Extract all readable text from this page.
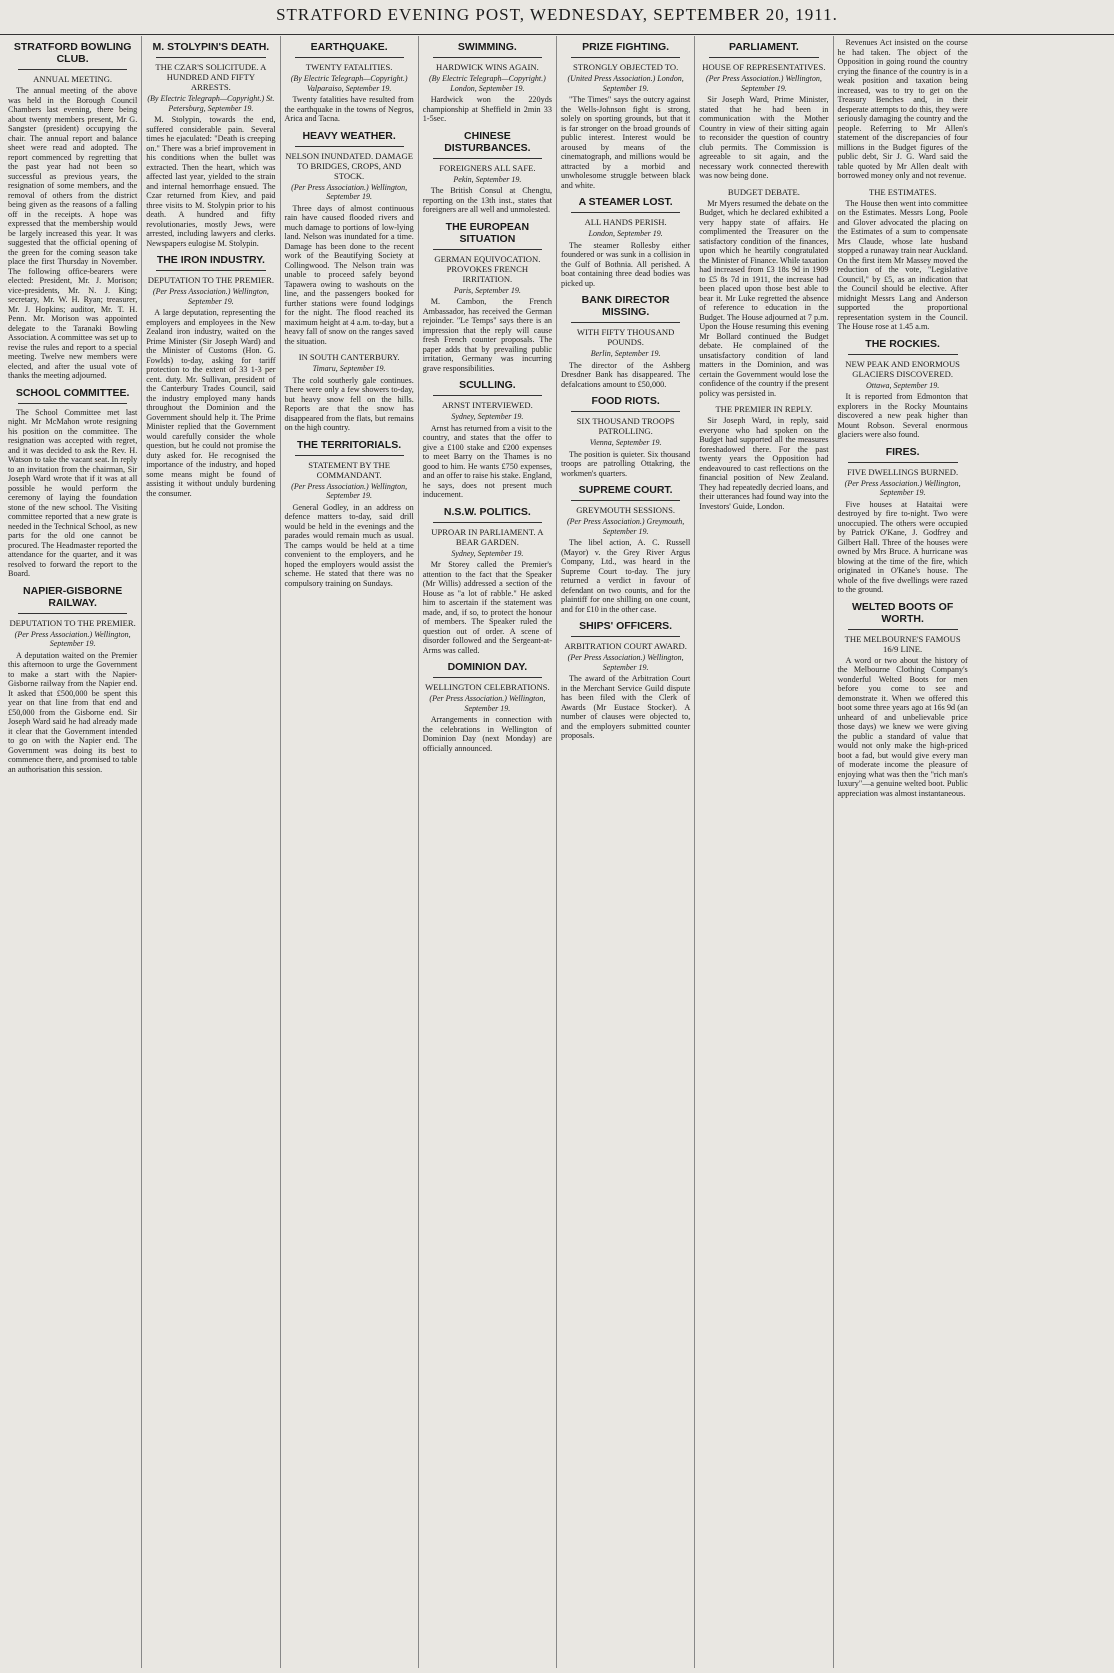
STRATFORD EVENING POST, WEDNESDAY, SEPTEMBER 20, 1911.
STRATFORD BOWLING CLUB.
ANNUAL MEETING.

The annual meeting of the above was held in the Borough Council Chambers last evening, there being about twenty members present, Mr G. Sangster (president) occupying the chair. The annual report and balance sheet were read and adopted. The report commenced by regretting that the past year had not been so successful as previous years, the resignation of some members, and the removal of others from the district being given as the reasons of a falling off in the receipts. A hope was expressed that the membership would be largely increased this year. It was suggested that the official opening of the green for the coming season take place the first Thursday in November. The following office-bearers were elected: President, Mr. J. Morison; vice-presidents, Mr. N. J. King; secretary, Mr. W. H. Ryan; treasurer, Mr. J. Hopkins; auditor, Mr. T. H. Penn. Mr. Morison was appointed delegate to the Taranaki Bowling Association. A committee was set up to revise the rules and report to a special meeting. Twelve new members were elected, and after the usual vote of thanks the meeting adjourned.

SCHOOL COMMITTEE.

The School Committee met last night. Mr McMahon wrote resigning his position on the committee. The resignation was accepted with regret, and it was decided to ask the Rev. H. Watson to take the vacant seat. In reply to an invitation from the chairman, Sir Joseph Ward wrote that if it was at all possible he would perform the ceremony of laying the foundation stone of the new school. The Visiting committee reported that a new grate is needed in the Technical School, as new parts for the old one cannot be procured. The Headmaster reported the attendance for the quarter, and it was resolved to forward the report to the Board.

NAPIER-GISBORNE RAILWAY.
DEPUTATION TO THE PREMIER.
(Per Press Association.) Wellington, September 19.

A deputation waited on the Premier this afternoon to urge the Government to make a start with the Napier-Gisborne railway from the Napier end. It asked that £500,000 be spent this year on that line from that end and £50,000 from the Gisborne end. Sir Joseph Ward said he had already made it clear that the Government intended to go on with the Napier end. The Government was doing its best to commence there, and promised to table an authorisation this session.

M. STOLYPIN'S DEATH.
THE CZAR'S SOLICITUDE. A HUNDRED AND FIFTY ARRESTS.
(By Electric Telegraph—Copyright.) St. Petersburg, September 19.

M. Stolypin, towards the end, suffered considerable pain. Several times he ejaculated: "Death is creeping on." There was a brief improvement in his conditions when the bullet was extracted. Then the heart, which was affected last year, yielded to the strain and internal hemorrhage ensued. The Czar returned from Kiev, and paid three visits to M. Stolypin prior to his death. A hundred and fifty revolutionaries, mostly Jews, were arrested, including lawyers and clerks. Newspapers eulogise M. Stolypin.

THE IRON INDUSTRY.
DEPUTATION TO THE PREMIER.
(Per Press Association.) Wellington, September 19.

A large deputation, representing the employers and employees in the New Zealand iron industry, waited on the Prime Minister (Sir Joseph Ward) and the Minister of Customs (Hon. G. Fowlds) to-day, asking for tariff protection to the extent of 33 1-3 per cent. duty. Mr. Sullivan, president of the Canterbury Trades Council, said the industry employed many hands throughout the Dominion and the Government should help it. The Prime Minister replied that the Government would carefully consider the whole question, but he could not promise the duty asked for. He recognised the importance of the industry, and hoped some means might be found of assisting it without unduly burdening the consumer.

EARTHQUAKE.
TWENTY FATALITIES.
(By Electric Telegraph—Copyright.) Valparaiso, September 19.

Twenty fatalities have resulted from the earthquake in the towns of Negros, Arica and Tacna.

HEAVY WEATHER.
NELSON INUNDATED. DAMAGE TO BRIDGES, CROPS, AND STOCK.
(Per Press Association.) Wellington, September 19.

Three days of almost continuous rain have caused flooded rivers and much damage to portions of low-lying land. Nelson was inundated for a time. Damage has been done to the recent work of the Beautifying Society at Collingwood. The Nelson train was unable to proceed safely beyond Tapawera owing to washouts on the line, and the passengers booked for further stations were found lodgings for the night. The flood reached its maximum height at 4 a.m. to-day, but a heavy fall of snow on the ranges saved the situation.

IN SOUTH CANTERBURY.
Timaru, September 19.

The cold southerly gale continues. There were only a few showers to-day, but heavy snow fell on the hills. Reports are that the snow has disappeared from the flats, but remains on the high country.

THE TERRITORIALS.
STATEMENT BY THE COMMANDANT.
(Per Press Association.) Wellington, September 19.

General Godley, in an address on defence matters to-day, said drill would be held in the evenings and the parades would remain much as usual. The camps would be held at a time convenient to the employers, and he hoped the employers would assist the scheme. He stated that there was no compulsory training on Sundays.

SWIMMING.
HARDWICK WINS AGAIN.
(By Electric Telegraph—Copyright.) London, September 19.

Hardwick won the 220yds championship at Sheffield in 2min 33 1-5sec.

CHINESE DISTURBANCES.
FOREIGNERS ALL SAFE.
Pekin, September 19.

The British Consul at Chengtu, reporting on the 13th inst., states that foreigners are all well and unmolested.

THE EUROPEAN SITUATION
GERMAN EQUIVOCATION. PROVOKES FRENCH IRRITATION.
Paris, September 19.

M. Cambon, the French Ambassador, has received the German rejoinder. "Le Temps" says there is an impression that the reply will cause fresh French counter proposals. The paper adds that by prevailing public irritation, Germany was incurring grave responsibilities.

SCULLING.
ARNST INTERVIEWED.
Sydney, September 19.

Arnst has returned from a visit to the country, and states that the offer to give a £100 stake and £200 expenses to meet Barry on the Thames is no good to him. He wants £750 expenses, and an offer to raise his stake. England, he says, does not present much inducement.

N.S.W. POLITICS.
UPROAR IN PARLIAMENT. A BEAR GARDEN.
Sydney, September 19.

Mr Storey called the Premier's attention to the fact that the Speaker (Mr Willis) addressed a section of the House as "a lot of rabble." He asked him to ascertain if the statement was made, and, if so, to protect the honour of members. The Speaker ruled the question out of order. A scene of disorder followed and the Sergeant-at-Arms was called.

DOMINION DAY.
WELLINGTON CELEBRATIONS.
(Per Press Association.) Wellington, September 19.

Arrangements in connection with the celebrations in Wellington of Dominion Day (next Monday) are officially announced.

PRIZE FIGHTING.
STRONGLY OBJECTED TO.
(United Press Association.) London, September 19.

"The Times" says the outcry against the Wells-Johnson fight is strong, solely on sporting grounds, but that it is far stronger on the broad grounds of public interest. Interest would be aroused by means of the cinematograph, and millions would be attracted by a morbid and unwholesome struggle between black and white.

A STEAMER LOST.
ALL HANDS PERISH.
London, September 19.

The steamer Rollesby either foundered or was sunk in a collision in the Gulf of Bothnia. All perished. A boat containing three dead bodies was picked up.

BANK DIRECTOR MISSING.
WITH FIFTY THOUSAND POUNDS.
Berlin, September 19.

The director of the Ashberg Dresdner Bank has disappeared. The defalcations amount to £50,000.

FOOD RIOTS.
SIX THOUSAND TROOPS PATROLLING.
Vienna, September 19.

The position is quieter. Six thousand troops are patrolling Ottakring, the workmen's quarters.

SUPREME COURT.
GREYMOUTH SESSIONS.
(Per Press Association.) Greymouth, September 19.

The libel action, A. C. Russell (Mayor) v. the Grey River Argus Company, Ltd., was heard in the Supreme Court to-day. The jury returned a verdict in favour of defendant on two counts, and for the plaintiff for one shilling on one count, and for £10 in the other case.

SHIPS' OFFICERS.
ARBITRATION COURT AWARD.
(Per Press Association.) Wellington, September 19.

The award of the Arbitration Court in the Merchant Service Guild dispute has been filed with the Clerk of Awards (Mr Eustace Stocker). A number of clauses were objected to, and the employers submitted counter proposals.

PARLIAMENT.
HOUSE OF REPRESENTATIVES.
(Per Press Association.) Wellington, September 19.

Sir Joseph Ward, Prime Minister, stated that he had been in communication with the Mother Country in view of their sitting again to reconsider the question of country club permits. The Commission is agreeable to sit again, and the necessary work connected therewith was now being done.

BUDGET DEBATE.

Mr Myers resumed the debate on the Budget, which he declared exhibited a very happy state of affairs. He complimented the Treasurer on the satisfactory condition of the finances, upon which he heartily congratulated the Minister of Finance. While taxation had increased from £3 18s 9d in 1909 to £5 8s 7d in 1911, the increase had been placed upon those best able to bear it. Mr Luke regretted the absence of reference to education in the Budget. The House adjourned at 7 p.m. Upon the House resuming this evening Mr Bollard continued the Budget debate. He complained of the unsatisfactory condition of land matters in the Dominion, and was certain the Government would lose the confidence of the country if the present policy was persisted in.

THE PREMIER IN REPLY.

Sir Joseph Ward, in reply, said everyone who had spoken on the Budget had supported all the measures foreshadowed there. For the past twenty years the Opposition had endeavoured to cast reflections on the financial position of New Zealand. They had repeatedly decried loans, and their utterances had found way into the Investors' Guide, London.

Revenues Act insisted on the course he had taken. The object of the Opposition in going round the country crying the finance of the country is in a weak position and taxation being increased, was to try to get on the Treasury Benches and, in their desperate attempts to do this, they were seriously damaging the country and the people. Referring to Mr Allen's statement of the discrepancies of four millions in the Budget figures of the public debt, Sir J. G. Ward said the table quoted by Mr Allen dealt with borrowed money only and not revenue.

THE ESTIMATES.

The House then went into committee on the Estimates. Messrs Long, Poole and Glover advocated the placing on the Estimates of a sum to compensate Mrs Claude, whose late husband stopped a runaway train near Auckland. On the first item Mr Massey moved the reduction of the vote, "Legislative Council," by £5, as an indication that the Council should be elective. After midnight Messrs Lang and Anderson supported the proportional representation system in the Council. The House rose at 1.45 a.m.

THE ROCKIES.
NEW PEAK AND ENORMOUS GLACIERS DISCOVERED.
Ottawa, September 19.

It is reported from Edmonton that explorers in the Rocky Mountains discovered a new peak higher than Mount Robson. Several enormous glaciers were also found.

FIRES.
FIVE DWELLINGS BURNED.
(Per Press Association.) Wellington, September 19.

Five houses at Hataitai were destroyed by fire to-night. Two were unoccupied. The others were occupied by Patrick O'Kane, J. Godfrey and Gilbert Hall. Three of the houses were owned by Mrs Bruce. A hurricane was blowing at the time of the fire, which originated in O'Kane's house. The whole of the five dwellings were razed to the ground.

WELTED BOOTS OF WORTH.
THE MELBOURNE'S FAMOUS 16/9 LINE.

A word or two about the history of the Melbourne Clothing Company's wonderful Welted Boots for men before you come to see and demonstrate it. When we offered this boot some three years ago at 16s 9d (an unheard of and unbelievable price those days) we knew we were giving the public a standard of value that would not only make the high-priced boot a fad, but would give every man of moderate income the pleasure of enjoying what was then the "rich man's luxury"—a genuine welted boot. Public appreciation was almost instantaneous.
